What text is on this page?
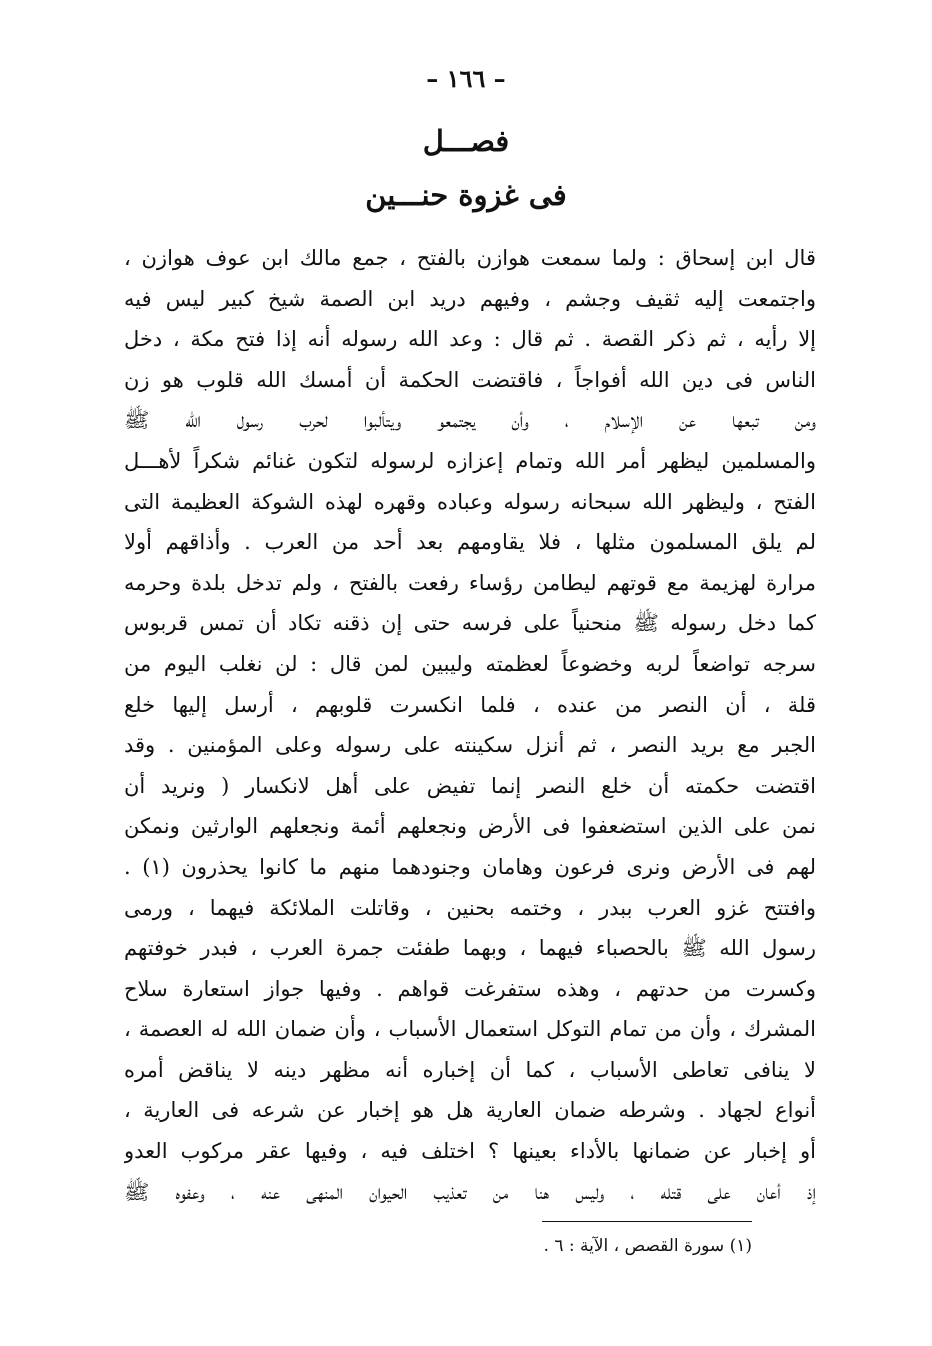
– ١٦٦ –
فصـــل
فى غزوة حنـــين
قال ابن إسحاق : ولما سمعت هوازن بالفتح ، جمع مالك ابن عوف هوازن ،
واجتمعت إليه ثقيف وجشم ، وفيهم دريد ابن الصمة شيخ كبير ليس فيه
إلا رأيه ، ثم ذكر القصة . ثم قال : وعد الله رسوله أنه إذا فتح مكة ، دخل
الناس فى دين الله أفواجاً ، فاقتضت الحكمة أن أمسك الله قلوب هو زن
ومن تبعها عن الإسلام ، وأن يجتمعو ويتألبوا لحرب رسول الله ﷺ
والمسلمين ليظهر أمر الله وتمام إعزازه لرسوله لتكون غنائم شكراً لأهـــل
الفتح ، وليظهر الله سبحانه رسوله وعباده وقهره لهذه الشوكة العظيمة التى
لم يلق المسلمون مثلها ، فلا يقاومهم بعد أحد من العرب . وأذاقهم أولا
مرارة لهزيمة مع قوتهم ليطامن رؤساء رفعت بالفتح ، ولم تدخل بلدة وحرمه
كما دخل رسوله ﷺ منحنياً على فرسه حتى إن ذقنه تكاد أن تمس قربوس
سرجه تواضعاً لربه وخضوعاً لعظمته وليبين لمن قال : لن نغلب اليوم من
قلة ، أن النصر من عنده ، فلما انكسرت قلوبهم ، أرسل إليها خلع
الجبر مع بريد النصر ، ثم أنزل سكينته على رسوله وعلى المؤمنين . وقد
اقتضت حكمته أن خلع النصر إنما تفيض على أهل لانكسار ( ونريد أن
نمن على الذين استضعفوا فى الأرض ونجعلهم أئمة ونجعلهم الوارثين ونمكن
لهم فى الأرض ونرى فرعون وهامان وجنودهما منهم ما كانوا يحذرون (١) .
وافتتح غزو العرب ببدر ، وختمه بحنين ، وقاتلت الملائكة فيهما ، ورمى
رسول الله ﷺ بالحصباء فيهما ، وبهما طفئت جمرة العرب ، فبدر خوفتهم
وكسرت من حدتهم ، وهذه ستفرغت قواهم . وفيها جواز استعارة سلاح
المشرك ، وأن من تمام التوكل استعمال الأسباب ، وأن ضمان الله له العصمة ،
لا ينافى تعاطى الأسباب ، كما أن إخباره أنه مظهر دينه لا يناقض أمره
أنواع لجهاد . وشرطه ضمان العارية هل هو إخبار عن شرعه فى العارية ،
أو إخبار عن ضمانها بالأداء بعينها ؟ اختلف فيه ، وفيها عقر مركوب العدو
إذ أعان على قتله ، وليس هنا من تعذيب الحيوان المنهى عنه ، وعفوه ﷺ
(١) سورة القصص ، الآية : ٦ .
